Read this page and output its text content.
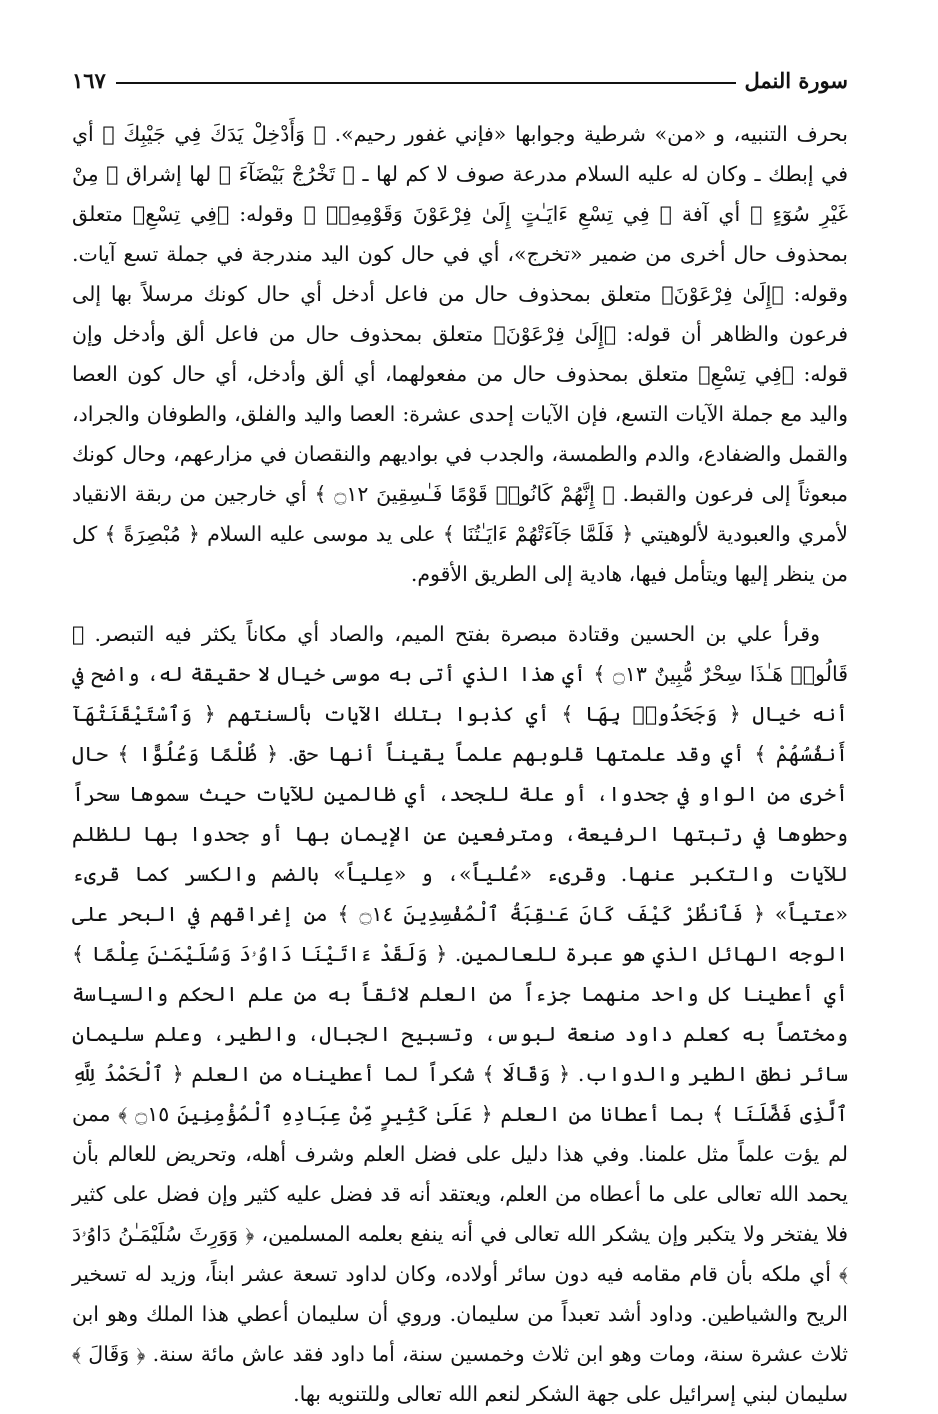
سورة النمل
١٦٧

بحرف التنبيه، و «من» شرطية وجوابها «فإني غفور رحيم». ﴿ وَأَدْخِلْ يَدَكَ فِي جَيْبِكَ ﴾ أي في إبطك ـ وكان له عليه السلام مدرعة صوف لا كم لها ـ ﴿ تَخْرُجْ بَيْضَآءَ ﴾ لها إشراق ﴿ مِنْ غَيْرِ سُوٓءٍ ﴾ أي آفة ﴿ فِي تِسْعِ ءَايَـٰتٍ إِلَىٰ فِرْعَوْنَ وَقَوْمِهِۦٓ ﴾ وقوله: ﴿فِي تِسْعِ﴾ متعلق بمحذوف حال أخرى من ضمير «تخرج»، أي في حال كون اليد مندرجة في جملة تسع آيات. وقوله: ﴿إِلَىٰ فِرْعَوْنَ﴾ متعلق بمحذوف حال من فاعل أدخل أي حال كونك مرسلاً بها إلى فرعون والظاهر أن قوله: ﴿إِلَىٰ فِرْعَوْنَ﴾ متعلق بمحذوف حال من فاعل ألق وأدخل وإن قوله: ﴿فِي تِسْعِ﴾ متعلق بمحذوف حال من مفعولهما، أي ألق وأدخل، أي حال كون العصا واليد مع جملة الآيات التسع، فإن الآيات إحدى عشرة: العصا واليد والفلق، والطوفان والجراد، والقمل والضفادع، والدم والطمسة، والجدب في بواديهم والنقصان في مزارعهم، وحال كونك مبعوثاً إلى فرعون والقبط. ﴿ إِنَّهُمْ كَانُوا۟ قَوْمًا فَـٰسِقِينَ ۝١٢ ﴾ أي خارجين من ربقة الانقياد لأمري والعبودية لألوهيتي ﴿ فَلَمَّا جَآءَتْهُمْ ءَايَـٰتُنَا ﴾ على يد موسى عليه السلام ﴿ مُبْصِرَةً ﴾ كل من ينظر إليها ويتأمل فيها، هادية إلى الطريق الأقوم.

وقرأ علي بن الحسين وقتادة مبصرة بفتح الميم، والصاد أي مكاناً يكثر فيه التبصر. ﴿ قَالُوا۟ هَـٰذَا سِحْرٌ مُّبِينٌ ۝١٣ ﴾ أي هذا الذي أتى به موسى خيال لا حقيقة له، واضح في أنه خيال ﴿ وَجَحَدُوا۟ بِهَا ﴾ أي كذبوا بتلك الآيات بألسنتهم ﴿ وَٱسْتَيْقَنَتْهَآ أَنفُسُهُمْ ﴾ أي وقد علمتها قلوبهم علماً يقيناً أنها حق. ﴿ ظُلْمًا وَعُلُوًّا ﴾ حال أخرى من الواو في جحدوا، أو علة للجحد، أي ظالمين للآيات حيث سموها سحراً وحطوها في رتبتها الرفيعة، ومترفعين عن الإيمان بها أو جحدوا بها للظلم للآيات والتكبر عنها. وقرىء «عُلياً»، و «عِلياً» بالضم والكسر كما قرىء «عتياً» ﴿ فَٱنظُرْ كَيْفَ كَانَ عَـٰقِبَةُ ٱلْمُفْسِدِينَ ۝١٤ ﴾ من إغراقهم في البحر على الوجه الهائل الذي هو عبرة للعالمين. ﴿ وَلَقَدْ ءَاتَيْنَا دَاوُۥدَ وَسُلَيْمَـٰنَ عِلْمًا ﴾ أي أعطينا كل واحد منهما جزءاً من العلم لائقاً به من علم الحكم والسياسة ومختصاً به كعلم داود صنعة لبوس، وتسبيح الجبال، والطير، وعلم سليمان سائر نطق الطير والدواب. ﴿ وَقَالَا ﴾ شكراً لما أعطيناه من العلم ﴿ ٱلْحَمْدُ لِلَّهِ ٱلَّذِى فَضَّلَنَا ﴾ بما أعطانا من العلم ﴿ عَلَىٰ كَثِيرٍ مِّنْ عِبَادِهِ ٱلْمُؤْمِنِينَ ۝١٥ ﴾ ممن لم يؤت علماً مثل علمنا. وفي هذا دليل على فضل العلم وشرف أهله، وتحريض للعالم بأن يحمد الله تعالى على ما أعطاه من العلم، ويعتقد أنه قد فضل عليه كثير وإن فضل على كثير فلا يفتخر ولا يتكبر وإن يشكر الله تعالى في أنه ينفع بعلمه المسلمين، ﴿ وَوَرِثَ سُلَيْمَـٰنُ دَاوُۥدَ ﴾ أي ملكه بأن قام مقامه فيه دون سائر أولاده، وكان لداود تسعة عشر ابناً، وزيد له تسخير الريح والشياطين. وداود أشد تعبداً من سليمان. وروي أن سليمان أعطي هذا الملك وهو ابن ثلاث عشرة سنة، ومات وهو ابن ثلاث وخمسين سنة، أما داود فقد عاش مائة سنة. ﴿ وَقَالَ ﴾ سليمان لبني إسرائيل على جهة الشكر لنعم الله تعالى وللتنويه بها.
